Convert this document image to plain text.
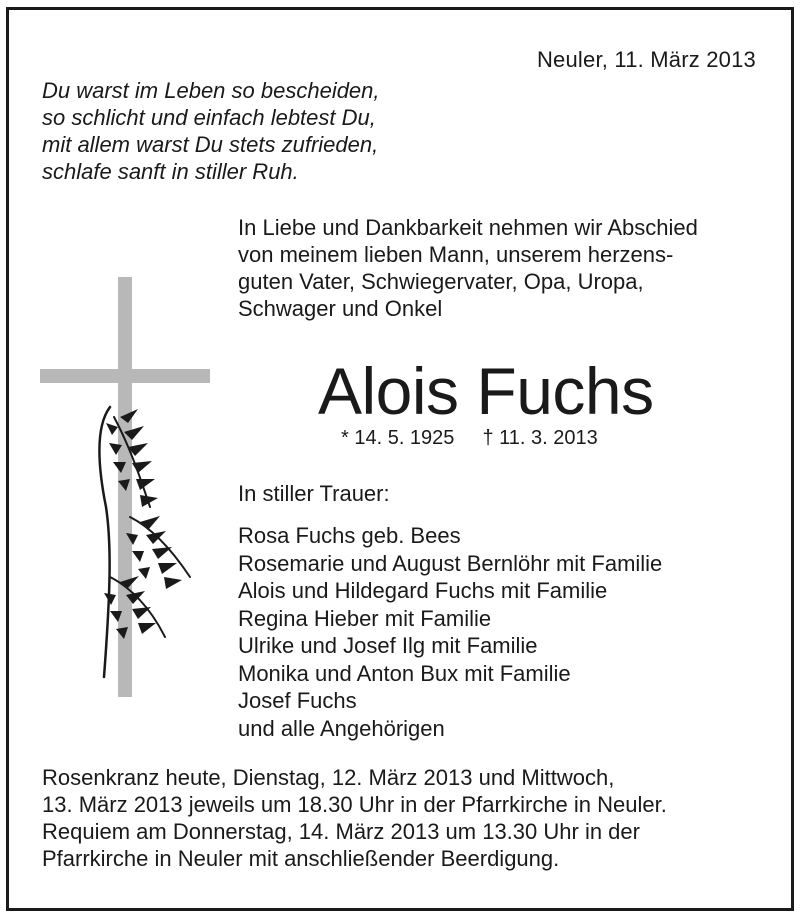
Neuler, 11. März 2013
Du warst im Leben so bescheiden,
so schlicht und einfach lebtest Du,
mit allem warst Du stets zufrieden,
schlafe sanft in stiller Ruh.
In Liebe und Dankbarkeit nehmen wir Abschied
von meinem lieben Mann, unserem herzens-
guten Vater, Schwiegervater, Opa, Uropa,
Schwager und Onkel
Alois Fuchs
* 14. 5. 1925 † 11. 3. 2013
In stiller Trauer:
Rosa Fuchs geb. Bees
Rosemarie und August Bernlöhr mit Familie
Alois und Hildegard Fuchs mit Familie
Regina Hieber mit Familie
Ulrike und Josef Ilg mit Familie
Monika und Anton Bux mit Familie
Josef Fuchs
und alle Angehörigen
Rosenkranz heute, Dienstag, 12. März 2013 und Mittwoch,
13. März 2013 jeweils um 18.30 Uhr in der Pfarrkirche in Neuler.
Requiem am Donnerstag, 14. März 2013 um 13.30 Uhr in der
Pfarrkirche in Neuler mit anschließender Beerdigung.
